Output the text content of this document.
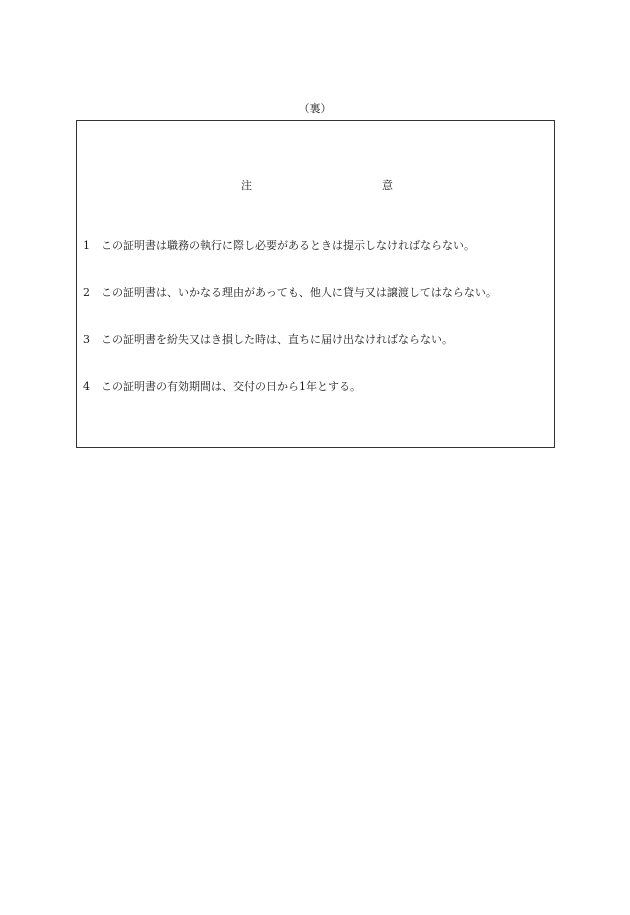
（裏）
注	意
1	この証明書は職務の執行に際し必要があるときは提示しなければならない。
2	この証明書は、いかなる理由があっても、他人に貸与又は譲渡してはならない。
3	この証明書を紛失又はき損した時は、直ちに届け出なければならない。
4	この証明書の有効期間は、交付の日から1年とする。
